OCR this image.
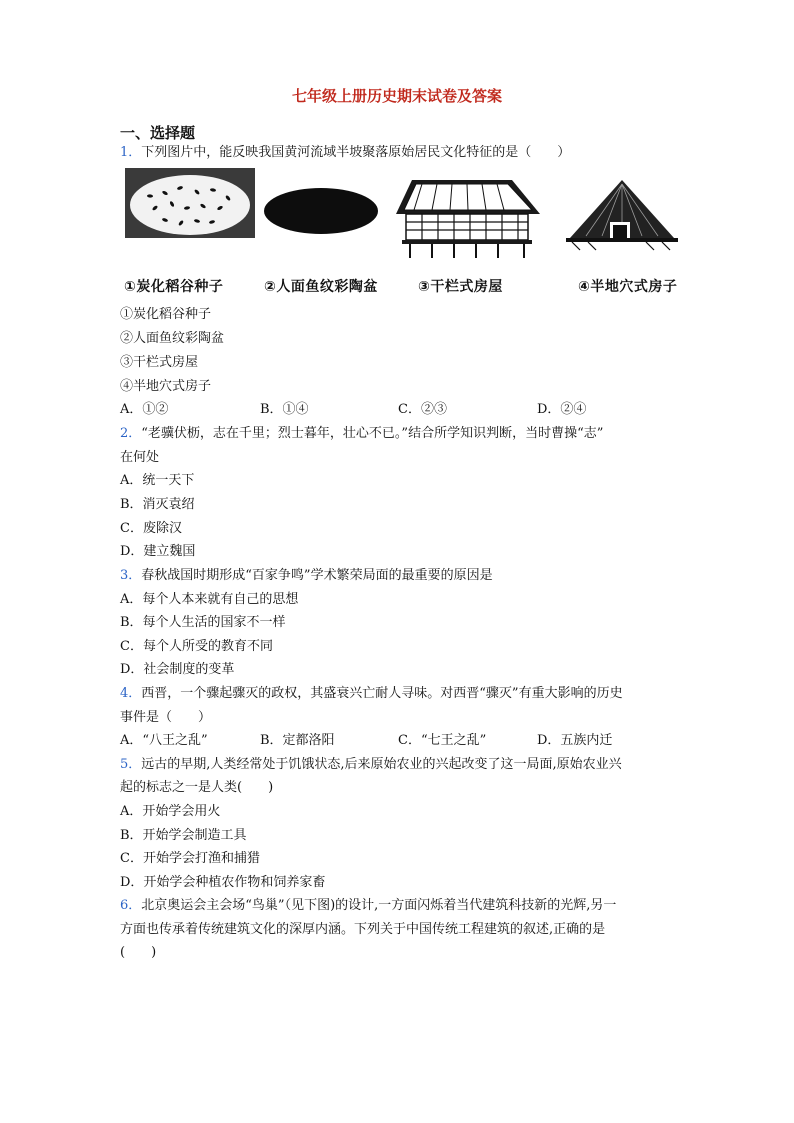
七年级上册历史期末试卷及答案
一、选择题
1．下列图片中，能反映我国黄河流域半坡聚落原始居民文化特征的是（　　）
①炭化稻谷种子	②人面鱼纹彩陶盆	③干栏式房屋	④半地穴式房子
①炭化稻谷种子
②人面鱼纹彩陶盆
③干栏式房屋
④半地穴式房子
A．①②	B．①④	C．②③	D．②④
2．“老骥伏枥，志在千里；烈士暮年，壮心不已。”结合所学知识判断，当时曹操“志”
在何处
A．统一天下
B．消灭袁绍
C．废除汉
D．建立魏国
3．春秋战国时期形成“百家争鸣”学术繁荣局面的最重要的原因是
A．每个人本来就有自己的思想
B．每个人生活的国家不一样
C．每个人所受的教育不同
D．社会制度的变革
4．西晋，一个骤起骤灭的政权，其盛衰兴亡耐人寻味。对西晋“骤灭”有重大影响的历史
事件是（　　）
A．“八王之乱”	B．定都洛阳	C．“七王之乱”	D．五族内迁
5．远古的早期,人类经常处于饥饿状态,后来原始农业的兴起改变了这一局面,原始农业兴
起的标志之一是人类(　　)
A．开始学会用火
B．开始学会制造工具
C．开始学会打渔和捕猎
D．开始学会种植农作物和饲养家畜
6．北京奥运会主会场“鸟巢”（见下图)的设计,一方面闪烁着当代建筑科技新的光辉,另一
方面也传承着传统建筑文化的深厚内涵。下列关于中国传统工程建筑的叙述,正确的是
(　　)
